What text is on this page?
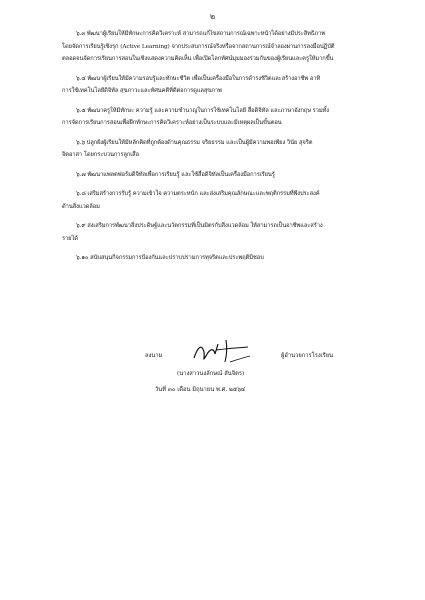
๒
๖.๓ พัฒนาผู้เรียนให้มีทักษะการคิดวิเคราะห์ สามารถแก้ไขสถานการณ์เฉพาะหน้าได้อย่างมีประสิทธิภาพ
โดยจัดการเรียนรู้เชิงรุก (Active Learning) จากประสบการณ์จริงหรือจากสถานการณ์จำลองผ่านการลงมือปฏิบัติ
ตลอดจนจัดการเรียนการสอนในเชิงแสดงความคิดเห็น เพื่อเปิดโลกทัศน์มุมมองร่วมกันของผู้เรียนและครูให้มากขึ้น
๖.๔ พัฒนาผู้เรียนให้มีความรอบรู้และทักษะชีวิต เพื่อเป็นเครื่องมือในการดำรงชีวิตและสร้างอาชีพ อาทิ
การใช้เทคโนโลยีดิจิทัล สุขภาวะและทัศนคติที่ดีต่อการดูแลสุขภาพ
๖.๕ พัฒนาครูให้มีทักษะ ความรู้ และความชำนาญในการใช้เทคโนโลยี สื่อดิจิทัล และภาษาอังกฤษ รวมทั้ง
การจัดการเรียนการสอนเพื่อฝึกทักษะการคิดวิเคราะห์อย่างเป็นระบบและมีเหตุผลเป็นขั้นตอน
๖.๖ ปลูกฝังผู้เรียนให้มีหลักคิดที่ถูกต้องด้านคุณธรรม จริยธรรม และเป็นผู้มีความพอเพียง วินัย สุจริต
จิตอาสา โดยกระบวนการลูกเสือ
๖.๗ พัฒนาแพลตฟอร์มดิจิทัลเพื่อการเรียนรู้ และใช้สื่อดิจิทัลเป็นเครื่องมือการเรียนรู้
๖.๘ เสริมสร้างการรับรู้ ความเข้าใจ ความตระหนัก และส่งเสริมคุณลักษณะและพฤติกรรมที่พึงประสงค์
ด้านสิ่งแวดล้อม
๖.๙ ส่งเสริมการพัฒนาสิ่งประดิษฐ์และนวัตกรรมที่เป็นมิตรกับสิ่งแวดล้อม ให้สามารถเป็นอาชีพและสร้าง
รายได้
๖.๑๐ สนับสนุนกิจกรรมการป้องกันและปราบปรามการทุจริตและประพฤติมิชอบ
ลงนาม	ผู้อำนวยการโรงเรียน
(นางสาวนงลักษณ์ สันจิตร)
วันที่ ๓๐ เดือน มิถุนายน พ.ศ. ๒๕๖๔
